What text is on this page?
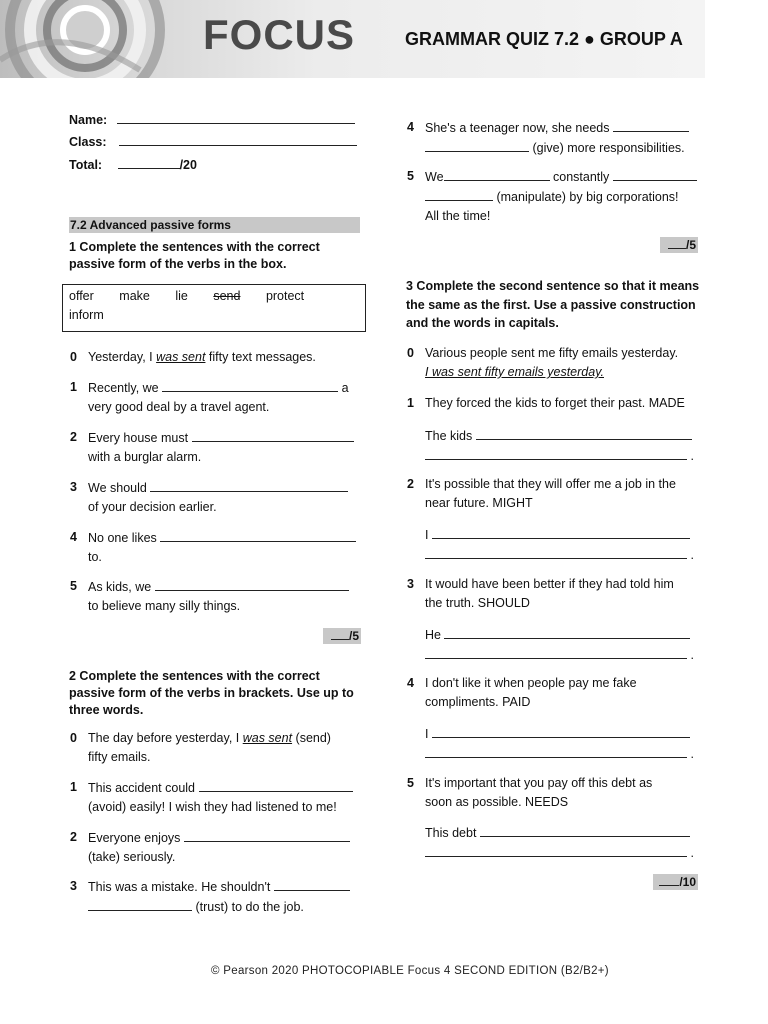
FOCUS	GRAMMAR QUIZ 7.2 ● GROUP A
Name:
Class:
Total:	/20
7.2 Advanced passive forms
1 Complete the sentences with the correct passive form of the verbs in the box.
offer make lie send protect
inform
0 Yesterday, I was sent fifty text messages.
1 Recently, we	a
very good deal by a travel agent.
2 Every house must
with a burglar alarm.
3 We should
of your decision earlier.
4 No one likes
to.
5 As kids, we
to believe many silly things.
/5
2 Complete the sentences with the correct passive form of the verbs in brackets. Use up to three words.
0 The day before yesterday, I was sent (send)
fifty emails.
1 This accident could
(avoid) easily! I wish they had listened to me!
2 Everyone enjoys
(take) seriously.
3 This was a mistake. He shouldn't
(trust) to do the job.
4 She's a teenager now, she needs
(give) more responsibilities.
5 We	constantly
(manipulate) by big corporations!
All the time!
/5
3 Complete the second sentence so that it means the same as the first. Use a passive construction and the words in capitals.
0 Various people sent me fifty emails yesterday.
I was sent fifty emails yesterday.
1 They forced the kids to forget their past. MADE
The kids
.
2 It's possible that they will offer me a job in the
near future. MIGHT
I
.
3 It would have been better if they had told him
the truth. SHOULD
He
.
4 I don't like it when people pay me fake
compliments. PAID
I
.
5 It's important that you pay off this debt as
soon as possible. NEEDS
This debt
.
/10
© Pearson 2020 PHOTOCOPIABLE Focus 4 SECOND EDITION (B2/B2+)
